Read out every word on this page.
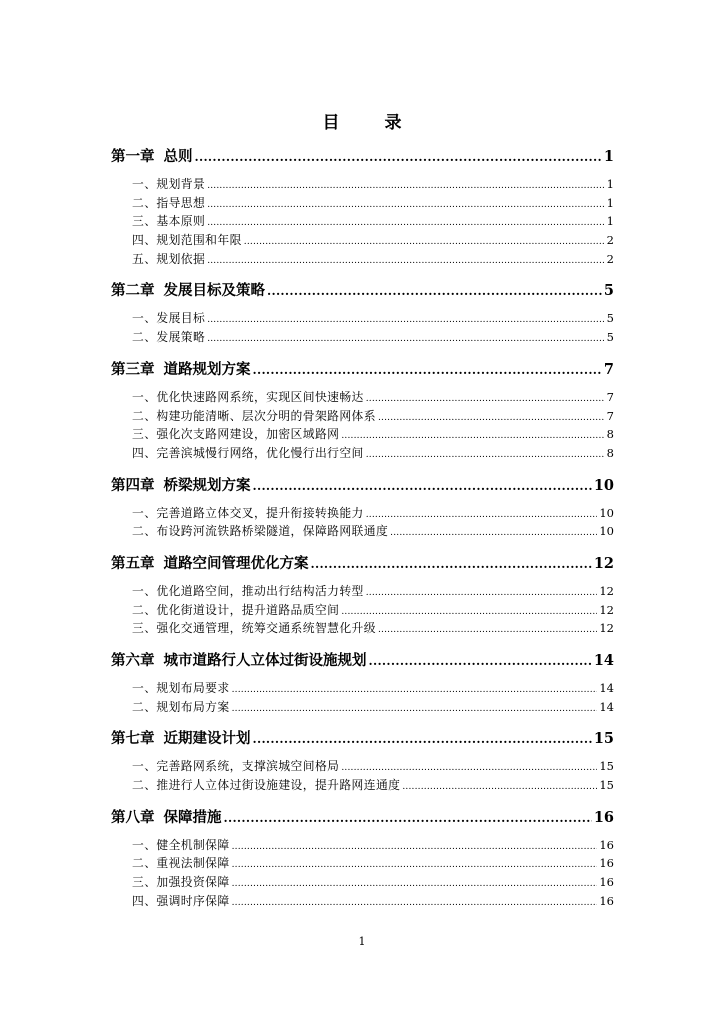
目　录
第一章 总则 .....	1
一、规划背景 .....	1
二、指导思想 .....	1
三、基本原则 .....	1
四、规划范围和年限 .....	2
五、规划依据 .....	2
第二章 发展目标及策略 .....	5
一、发展目标 .....	5
二、发展策略 .....	5
第三章 道路规划方案 .....	7
一、优化快速路网系统，实现区间快速畅达 .....	7
二、构建功能清晰、层次分明的骨架路网体系 .....	7
三、强化次支路网建设，加密区域路网 .....	8
四、完善滨城慢行网络，优化慢行出行空间 .....	8
第四章 桥梁规划方案 .....	10
一、完善道路立体交叉，提升衔接转换能力 .....	10
二、布设跨河流铁路桥梁隧道，保障路网联通度 .....	10
第五章 道路空间管理优化方案 .....	12
一、优化道路空间，推动出行结构活力转型 .....	12
二、优化街道设计，提升道路品质空间 .....	12
三、强化交通管理，统筹交通系统智慧化升级 .....	12
第六章 城市道路行人立体过街设施规划 .....	14
一、规划布局要求 .....	14
二、规划布局方案 .....	14
第七章 近期建设计划 .....	15
一、完善路网系统，支撑滨城空间格局 .....	15
二、推进行人立体过街设施建设，提升路网连通度 .....	15
第八章 保障措施 .....	16
一、健全机制保障 .....	16
二、重视法制保障 .....	16
三、加强投资保障 .....	16
四、强调时序保障 .....	16
1
